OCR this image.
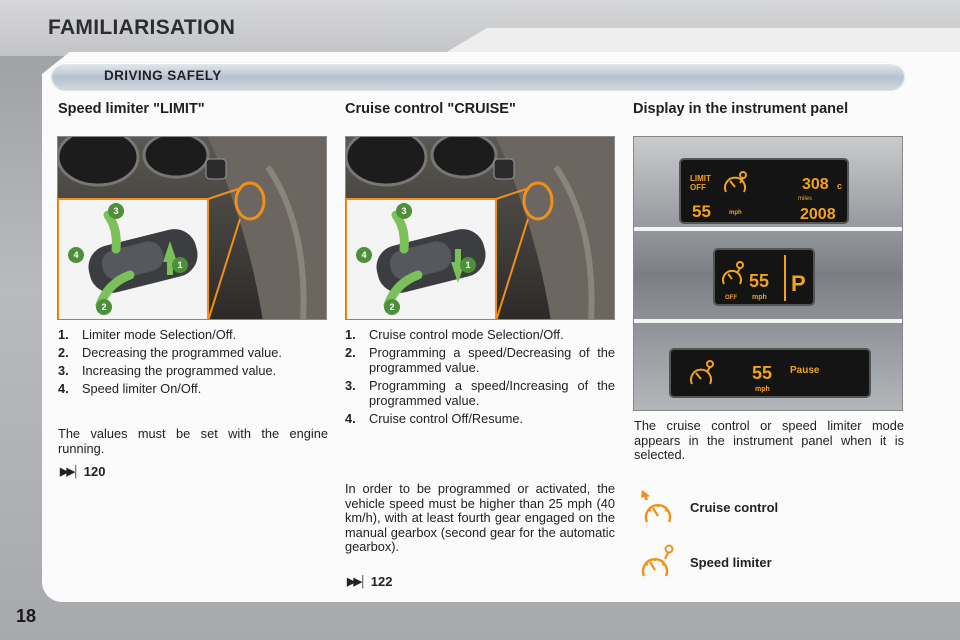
FAMILIARISATION
DRIVING SAFELY
Speed limiter "LIMIT"	Cruise control "CRUISE"	Display in the instrument panel
3
4
1
2
3
4
1
2
LIMIT
OFF
55	mph
308 c
miles
2008
OFF
55
mph
P
55
mph
Pause
1.	Limiter mode Selection/Off.
2.	Decreasing the programmed value.
3.	Increasing the programmed value.
4.	Speed limiter On/Off.
The values must be set with the engine running.
▶▶│ 120
1.	Cruise control mode Selection/Off.
2.	Programming a speed/Decreasing of the programmed value.
3.	Programming a speed/Increasing of the programmed value.
4.	Cruise control Off/Resume.
In order to be programmed or activated, the vehicle speed must be higher than 25 mph (40 km/h), with at least fourth gear engaged on the manual gearbox (second gear for the automatic gearbox).
▶▶│ 122
The cruise control or speed limiter mode appears in the instrument panel when it is selected.
Cruise control
Speed limiter
18
